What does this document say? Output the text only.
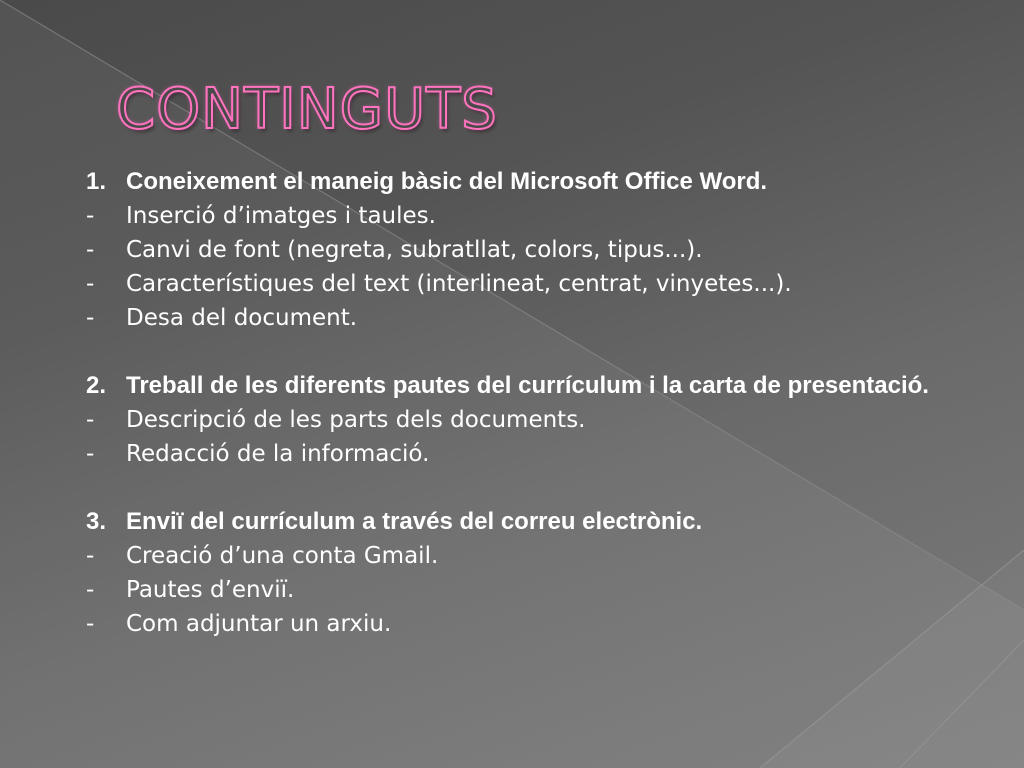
CONTINGUTS

1. Coneixement el maneig bàsic del Microsoft Office Word.

- Inserció d’imatges i taules.
- Canvi de font (negreta, subratllat, colors, tipus...).
- Característiques del text (interlineat, centrat, vinyetes...).
- Desa del document.

2. Treball de les diferents pautes del currículum i la carta de presentació.

- Descripció de les parts dels documents.
- Redacció de la informació.

3. Enviï del currículum a través del correu electrònic.

- Creació d’una conta Gmail.
- Pautes d’enviï.
- Com adjuntar un arxiu.
